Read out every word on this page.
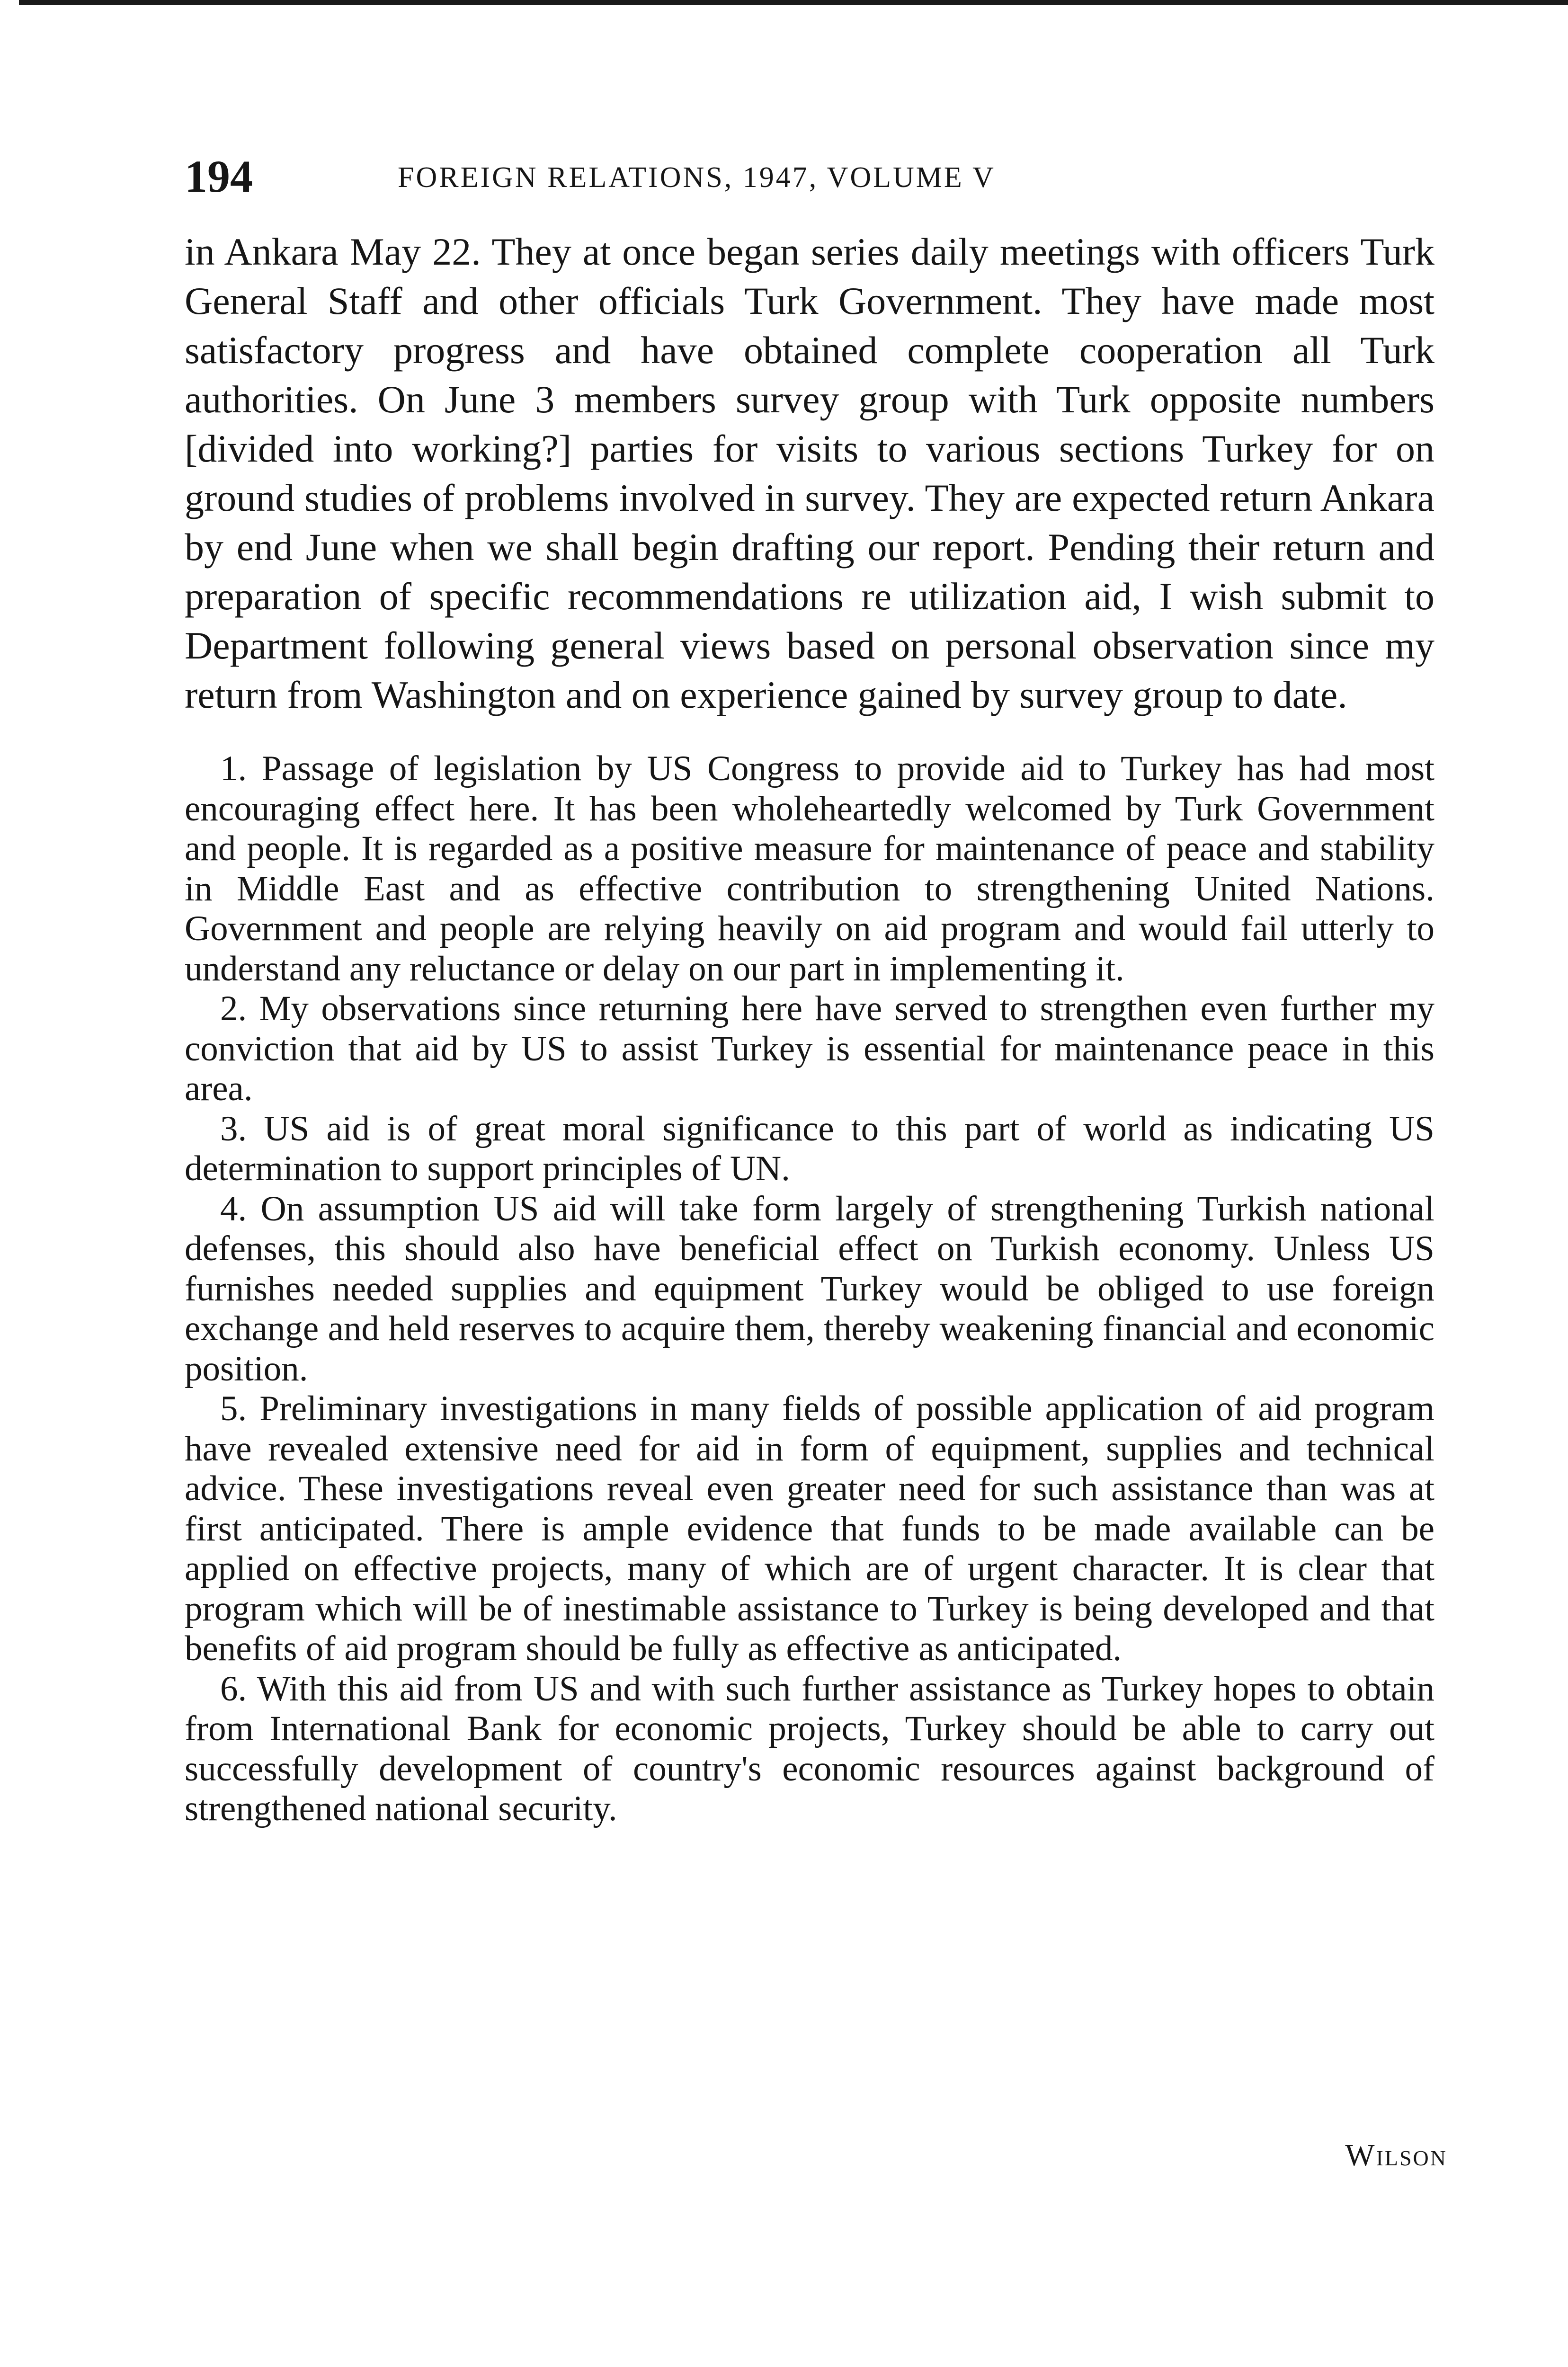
194	FOREIGN RELATIONS, 1947, VOLUME V

in Ankara May 22. They at once began series daily meetings with officers Turk General Staff and other officials Turk Government. They have made most satisfactory progress and have obtained complete cooperation all Turk authorities. On June 3 members survey group with Turk opposite numbers [divided into working?] parties for visits to various sections Turkey for on ground studies of problems involved in survey. They are expected return Ankara by end June when we shall begin drafting our report. Pending their return and preparation of specific recommendations re utilization aid, I wish submit to Department following general views based on personal observation since my return from Washington and on experience gained by survey group to date.

1. Passage of legislation by US Congress to provide aid to Turkey has had most encouraging effect here. It has been wholeheartedly welcomed by Turk Government and people. It is regarded as a positive measure for maintenance of peace and stability in Middle East and as effective contribution to strengthening United Nations. Government and people are relying heavily on aid program and would fail utterly to understand any reluctance or delay on our part in implementing it.

2. My observations since returning here have served to strengthen even further my conviction that aid by US to assist Turkey is essential for maintenance peace in this area.

3. US aid is of great moral significance to this part of world as indicating US determination to support principles of UN.

4. On assumption US aid will take form largely of strengthening Turkish national defenses, this should also have beneficial effect on Turkish economy. Unless US furnishes needed supplies and equipment Turkey would be obliged to use foreign exchange and held reserves to acquire them, thereby weakening financial and economic position.

5. Preliminary investigations in many fields of possible application of aid program have revealed extensive need for aid in form of equipment, supplies and technical advice. These investigations reveal even greater need for such assistance than was at first anticipated. There is ample evidence that funds to be made available can be applied on effective projects, many of which are of urgent character. It is clear that program which will be of inestimable assistance to Turkey is being developed and that benefits of aid program should be fully as effective as anticipated.

6. With this aid from US and with such further assistance as Turkey hopes to obtain from International Bank for economic projects, Turkey should be able to carry out successfully development of country's economic resources against background of strengthened national security.

Wilson
